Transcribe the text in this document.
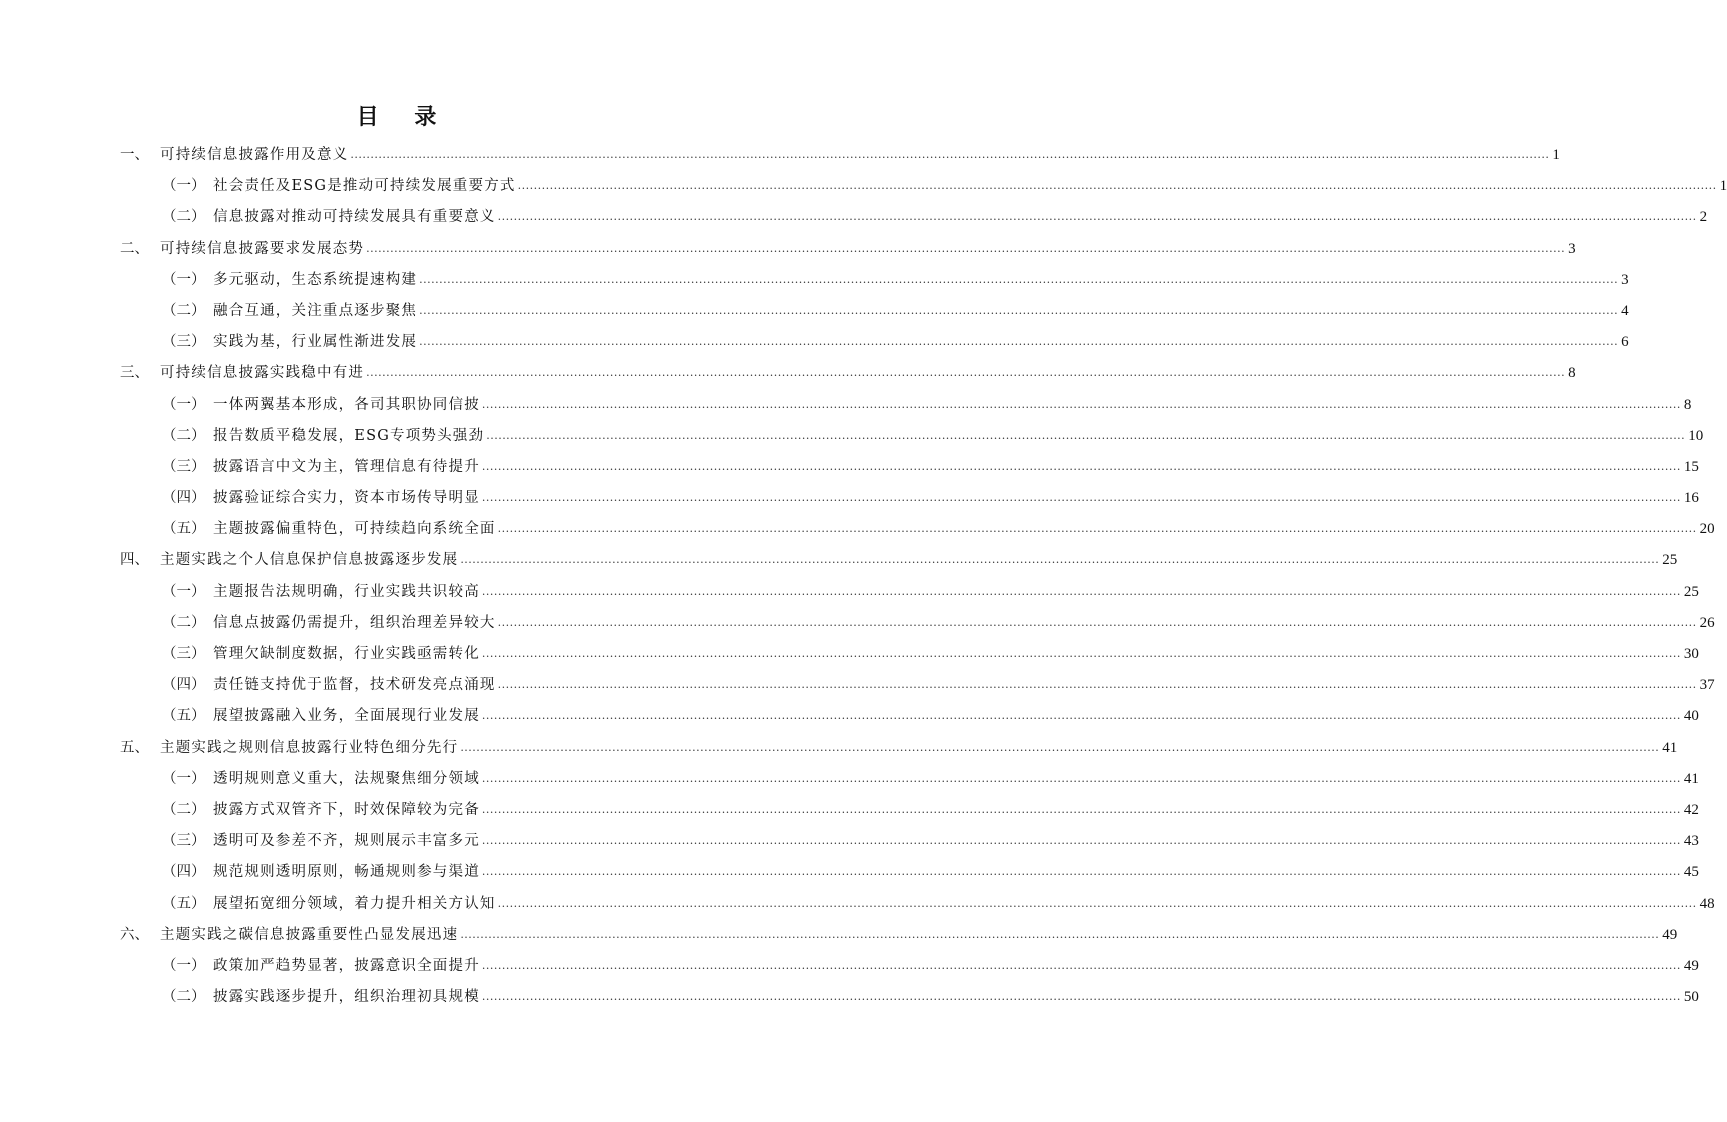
目 录
一、 可持续信息披露作用及意义 ............................................................................................................................................................................................................................................................................................................ 1
（一） 社会责任及ESG是推动可持续发展重要方式 ............................................................................................................................................................................................................................................................................................................ 1
（二） 信息披露对推动可持续发展具有重要意义 ............................................................................................................................................................................................................................................................................................................ 2
二、 可持续信息披露要求发展态势 ............................................................................................................................................................................................................................................................................................................ 3
（一） 多元驱动，生态系统提速构建 ............................................................................................................................................................................................................................................................................................................ 3
（二） 融合互通，关注重点逐步聚焦 ............................................................................................................................................................................................................................................................................................................ 4
（三） 实践为基，行业属性渐进发展 ............................................................................................................................................................................................................................................................................................................ 6
三、 可持续信息披露实践稳中有进 ............................................................................................................................................................................................................................................................................................................ 8
（一） 一体两翼基本形成，各司其职协同信披 ............................................................................................................................................................................................................................................................................................................ 8
（二） 报告数质平稳发展，ESG专项势头强劲 ............................................................................................................................................................................................................................................................................................................ 10
（三） 披露语言中文为主，管理信息有待提升 ............................................................................................................................................................................................................................................................................................................ 15
（四） 披露验证综合实力，资本市场传导明显 ............................................................................................................................................................................................................................................................................................................ 16
（五） 主题披露偏重特色，可持续趋向系统全面 ............................................................................................................................................................................................................................................................................................................ 20
四、 主题实践之个人信息保护信息披露逐步发展 ............................................................................................................................................................................................................................................................................................................ 25
（一） 主题报告法规明确，行业实践共识较高 ............................................................................................................................................................................................................................................................................................................ 25
（二） 信息点披露仍需提升，组织治理差异较大 ............................................................................................................................................................................................................................................................................................................ 26
（三） 管理欠缺制度数据，行业实践亟需转化 ............................................................................................................................................................................................................................................................................................................ 30
（四） 责任链支持优于监督，技术研发亮点涌现 ............................................................................................................................................................................................................................................................................................................ 37
（五） 展望披露融入业务，全面展现行业发展 ............................................................................................................................................................................................................................................................................................................ 40
五、 主题实践之规则信息披露行业特色细分先行 ............................................................................................................................................................................................................................................................................................................ 41
（一） 透明规则意义重大，法规聚焦细分领域 ............................................................................................................................................................................................................................................................................................................ 41
（二） 披露方式双管齐下，时效保障较为完备 ............................................................................................................................................................................................................................................................................................................ 42
（三） 透明可及参差不齐，规则展示丰富多元 ............................................................................................................................................................................................................................................................................................................ 43
（四） 规范规则透明原则，畅通规则参与渠道 ............................................................................................................................................................................................................................................................................................................ 45
（五） 展望拓宽细分领域，着力提升相关方认知 ............................................................................................................................................................................................................................................................................................................ 48
六、 主题实践之碳信息披露重要性凸显发展迅速 ............................................................................................................................................................................................................................................................................................................ 49
（一） 政策加严趋势显著，披露意识全面提升 ............................................................................................................................................................................................................................................................................................................ 49
（二） 披露实践逐步提升，组织治理初具规模 ............................................................................................................................................................................................................................................................................................................ 50
